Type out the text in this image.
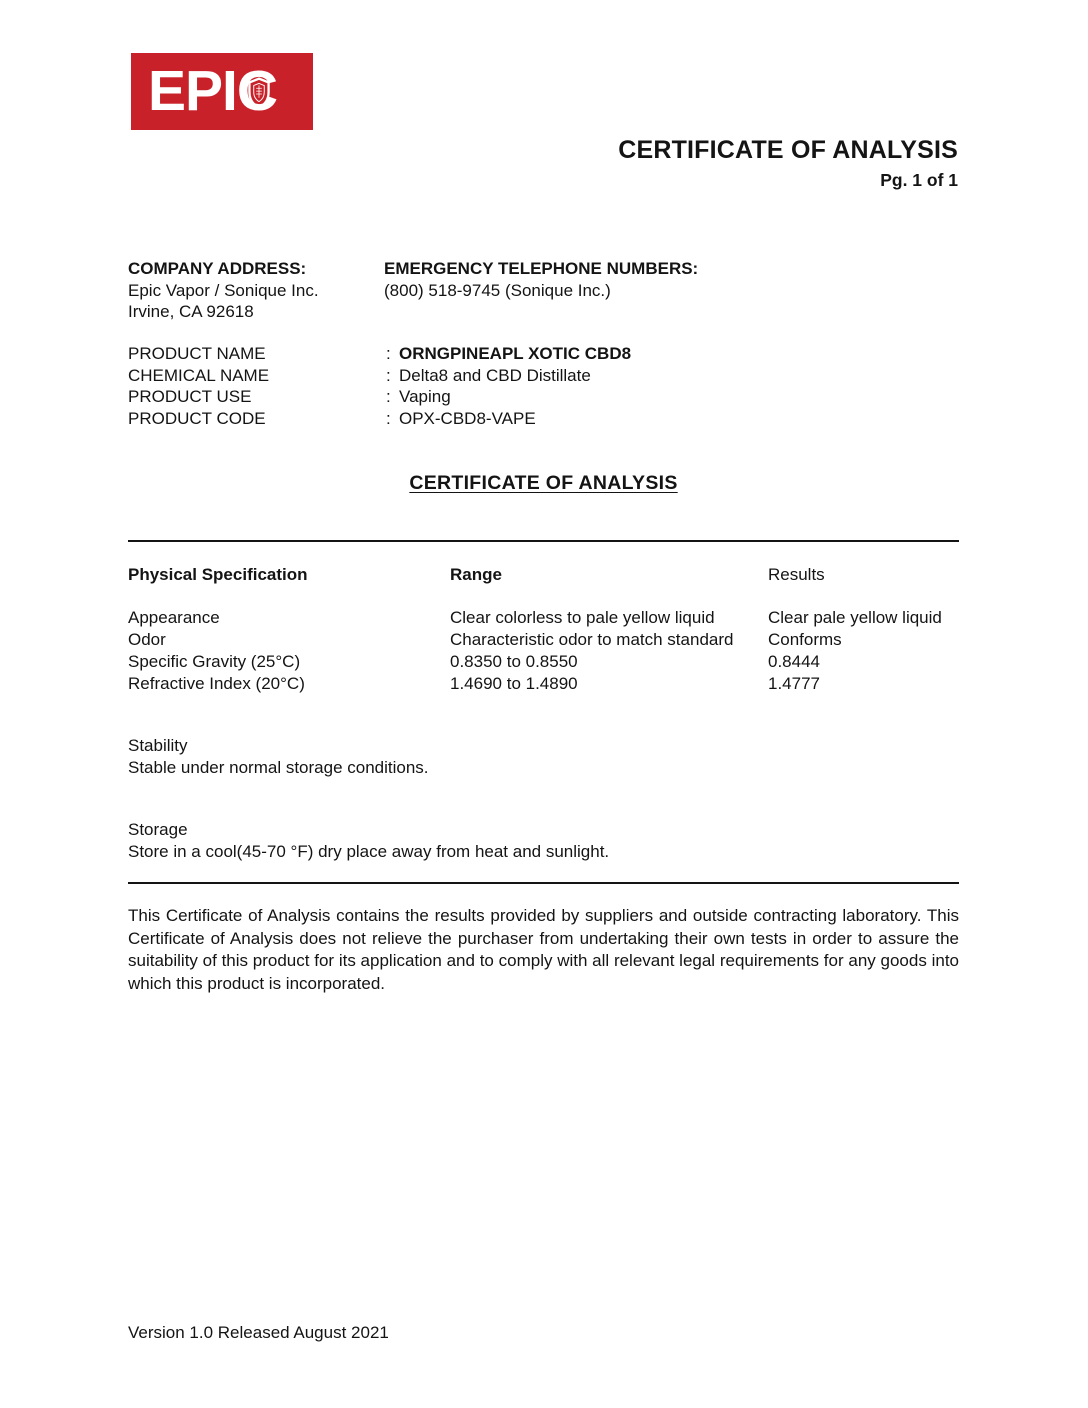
EPI C
CERTIFICATE OF ANALYSIS
Pg. 1 of 1
COMPANY ADDRESS:
Epic Vapor / Sonique Inc.
Irvine, CA 92618
EMERGENCY TELEPHONE NUMBERS:
(800) 518-9745 (Sonique Inc.)
PRODUCT NAME	: ORNGPINEAPL XOTIC CBD8
CHEMICAL NAME	: Delta8 and CBD Distillate
PRODUCT USE	: Vaping
PRODUCT CODE	: OPX-CBD8-VAPE
CERTIFICATE OF ANALYSIS
Physical Specification	Range	Results
Appearance	Clear colorless to pale yellow liquid	Clear pale yellow liquid
Odor	Characteristic odor to match standard	Conforms
Specific Gravity (25°C)	0.8350 to 0.8550	0.8444
Refractive Index (20°C)	1.4690 to 1.4890	1.4777
Stability
Stable under normal storage conditions.
Storage
Store in a cool(45-70 °F) dry place away from heat and sunlight.
This Certificate of Analysis contains the results provided by suppliers and outside contracting laboratory. This Certificate of Analysis does not relieve the purchaser from undertaking their own tests in order to assure the suitability of this product for its application and to comply with all relevant legal requirements for any goods into which this product is incorporated.
Version 1.0 Released August 2021
